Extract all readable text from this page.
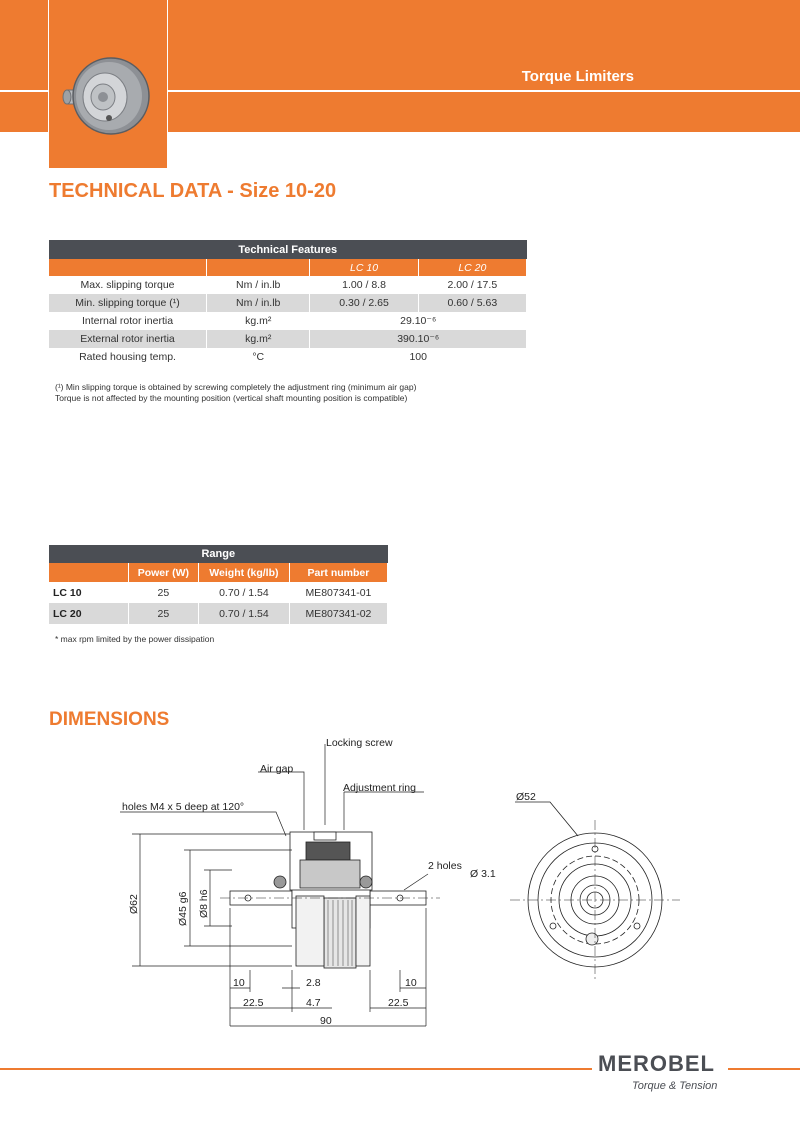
Torque Limiters
TECHNICAL DATA - Size 10-20
Technical Features			
		LC 10	LC 20
Max. slipping torque	Nm / in.lb	1.00 / 8.8	2.00 / 17.5
Min. slipping torque (¹)	Nm / in.lb	0.30 / 2.65	0.60 / 5.63
Internal rotor inertia	kg.m²	29.10⁻⁶	
External rotor inertia	kg.m²	390.10⁻⁶	
Rated housing temp.	°C	100	

(¹) Min slipping torque is obtained by screwing completely the adjustment ring (minimum air gap)

Torque is not affected by the mounting position (vertical shaft mounting position is compatible)

Range			
	Power (W)	Weight (kg/lb)	Part number
LC 10	25	0.70 / 1.54	ME807341-01
LC 20	25	0.70 / 1.54	ME807341-02

* max rpm limited by the power dissipation

DIMENSIONS
Locking screw
Air gap
Adjustment ring
holes M4 x 5 deep at 120°
2 holes
Ø 3.1
Ø52
Ø62	Ø45 g6 Ø8 h6
10	2.8	10
22.5	4.7	22.5
90
MEROBEL
Torque & Tension
